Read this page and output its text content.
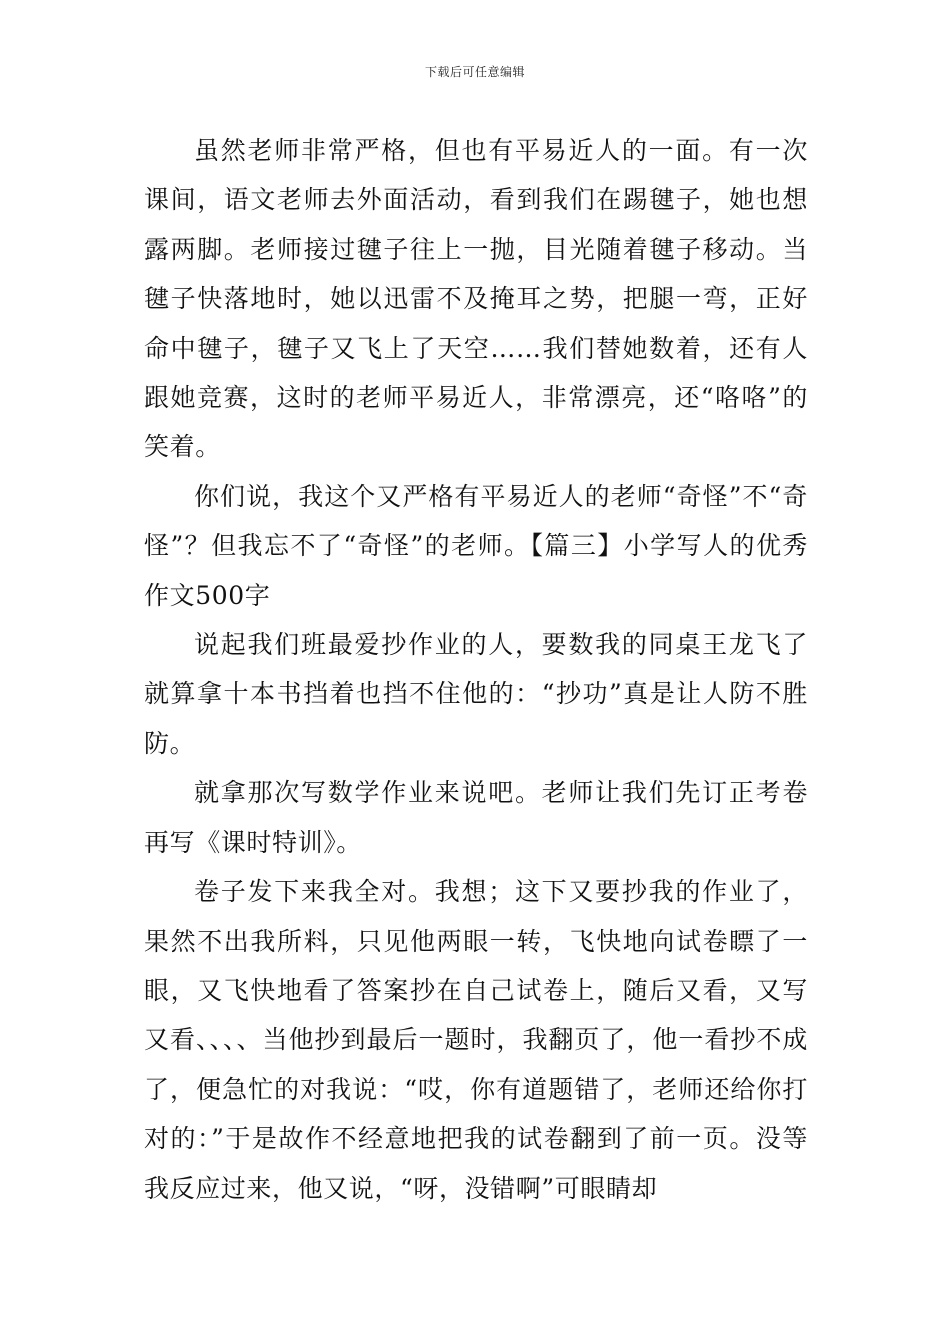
下载后可任意编辑

虽然老师非常严格，但也有平易近人的一面。有一次课间，语文老师去外面活动，看到我们在踢毽子，她也想露两脚。老师接过毽子往上一抛，目光随着毽子移动。当毽子快落地时，她以迅雷不及掩耳之势，把腿一弯，正好命中毽子，毽子又飞上了天空……我们替她数着，还有人跟她竞赛，这时的老师平易近人，非常漂亮，还“咯咯”的笑着。

你们说，我这个又严格有平易近人的老师“奇怪”不“奇怪”？但我忘不了“奇怪”的老师。【篇三】小学写人的优秀作文500字

说起我们班最爱抄作业的人，要数我的同桌王龙飞了就算拿十本书挡着也挡不住他的：“抄功”真是让人防不胜防。

就拿那次写数学作业来说吧。老师让我们先订正考卷再写《课时特训》。

卷子发下来我全对。我想；这下又要抄我的作业了，果然不出我所料，只见他两眼一转，飞快地向试卷瞟了一眼，又飞快地看了答案抄在自己试卷上，随后又看，又写又看、、、、当他抄到最后一题时，我翻页了，他一看抄不成了，便急忙的对我说：“哎，你有道题错了，老师还给你打对的：”于是故作不经意地把我的试卷翻到了前一页。没等我反应过来，他又说，“呀，没错啊”可眼睛却
